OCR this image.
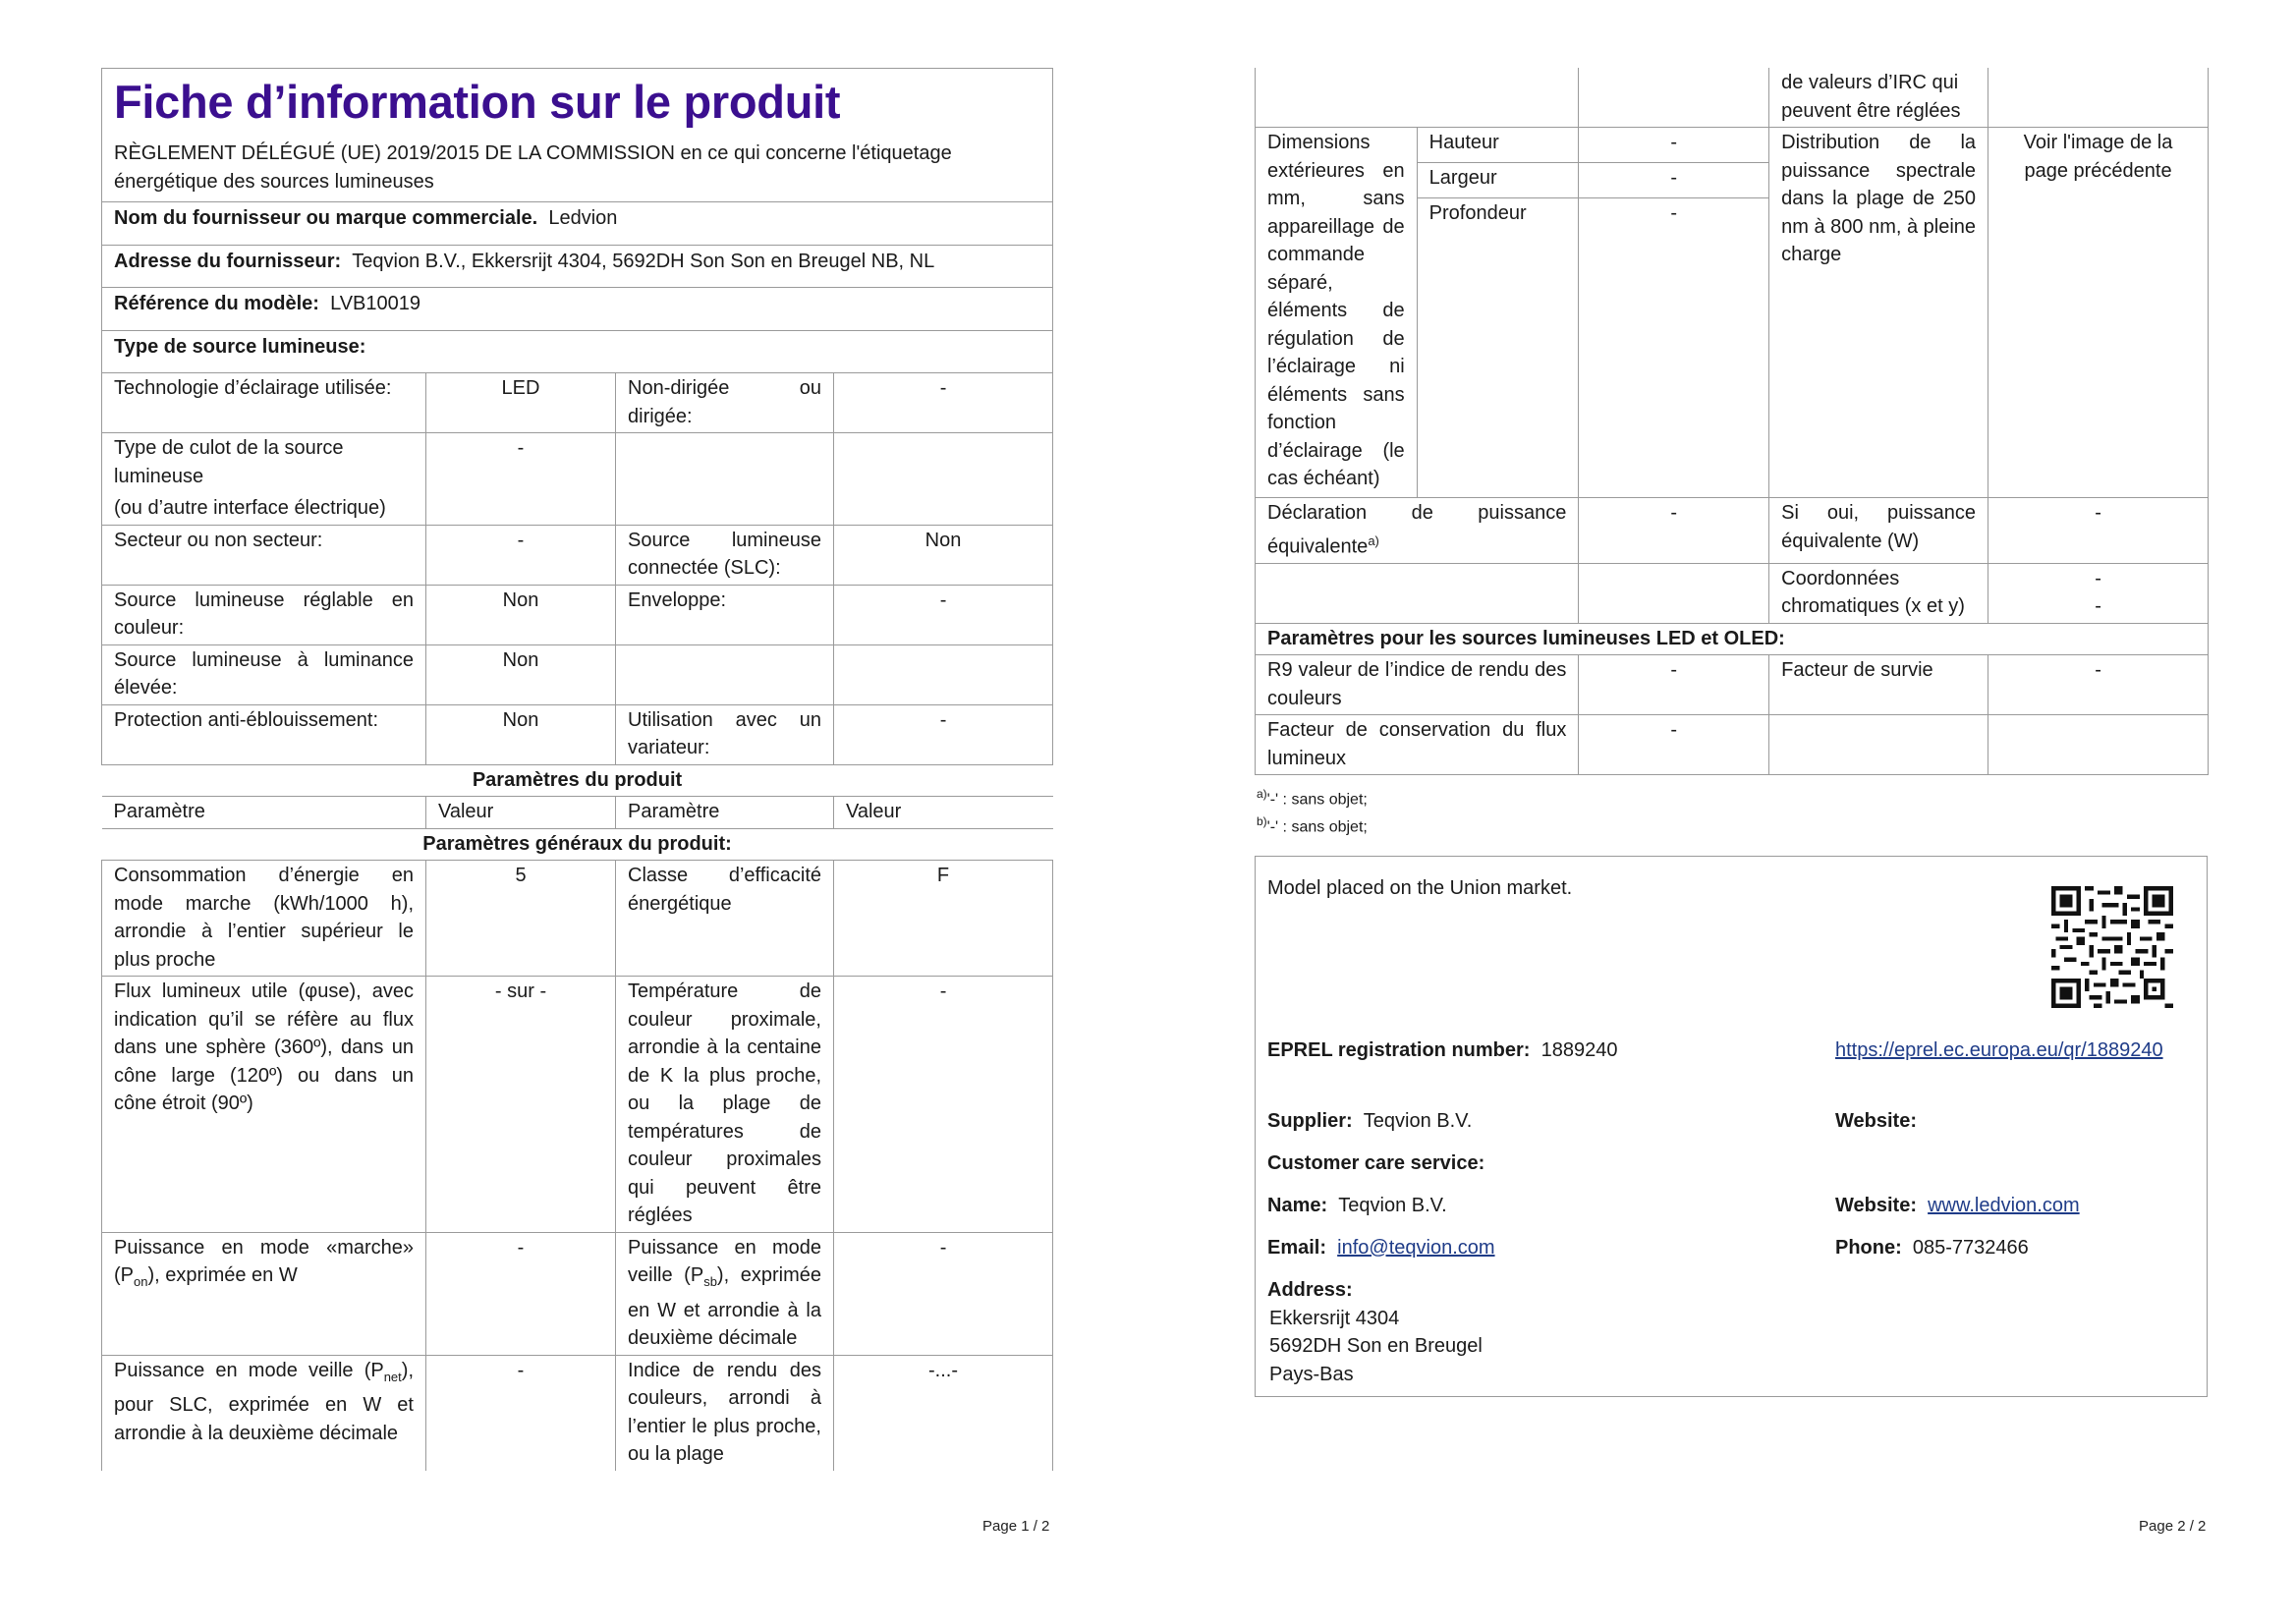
Fiche d’information sur le produit
RÈGLEMENT DÉLÉGUÉ (UE) 2019/2015 DE LA COMMISSION en ce qui concerne l'étiquetage énergétique des sources lumineuses			

Nom du fournisseur ou marque commerciale. Ledvion			
Adresse du fournisseur: Teqvion B.V., Ekkersrijt 4304, 5692DH Son Son en Breugel NB, NL			
Référence du modèle: LVB10019			
Type de source lumineuse:			
Technologie d’éclairage utilisée:	LED	Non-dirigée ou dirigée:	-

Type de culot de la source lumineuse
(ou d’autre interface électrique)	-		
Secteur ou non secteur:	-	Source lumineuse connectée (SLC):	Non
Source lumineuse réglable en couleur:	Non	Enveloppe:	-
Source lumineuse à luminance élevée:	Non		
Protection anti-éblouissement:	Non	Utilisation avec un variateur:	-
Paramètres du produit			
Paramètre	Valeur	Paramètre	Valeur
Paramètres généraux du produit:			
Consommation d’énergie en mode marche (kWh/1000 h), arrondie à l’entier supérieur le plus proche	5	Classe d’efficacité énergétique	F
Flux lumineux utile (φuse), avec indication qu’il se réfère au flux dans une sphère (360º), dans un cône large (120º) ou dans un cône étroit (90º)	- sur -	Température de couleur proximale, arrondie à la centaine de K la plus proche, ou la plage de températures de couleur proximales qui peuvent être réglées	-
Puissance en mode «marche» $(P_{on})$, exprimée en W	-	Puissance en mode veille $(P_{sb})$, exprimée en W et arrondie à la deuxième décimale	-
Puissance en mode veille $(P_{net})$, pour SLC, exprimée en W et arrondie à la deuxième décimale	-	Indice de rendu des couleurs, arrondi à l’entier le plus proche, ou la plage	-...-
Page 1 / 2
			de valeurs d’IRC qui peuvent être réglées	
Dimensions extérieures en mm, sans appareillage de commande séparé, éléments de régulation de l’éclairage ni éléments sans fonction d’éclairage (le cas échéant)	Hauteur	-	Distribution de la puissance spectrale dans la plage de 250 nm à 800 nm, à pleine charge	Voir l'image de la page précédente
	Largeur	-		
	Profondeur	-		
Déclaration de puissance équivalente$^{a)}$		-	Si oui, puissance équivalente (W)	-
			Coordonnées chromatiques (x et y)	-
-

Paramètres pour les sources lumineuses LED et OLED:				
R9 valeur de l’indice de rendu des couleurs		-	Facteur de survie	-
Facteur de conservation du flux lumineux		-		
$^{a)}$'-' : sans objet;
$^{b)}$'-' : sans objet;
Model placed on the Union market.
EPREL registration number: 1889240	https://eprel.ec.europa.eu/qr/1889240
Supplier: Teqvion B.V.	Website:
Customer care service:
Name: Teqvion B.V.	Website: www.ledvion.com
Email: info@teqvion.com	Phone: 085-7732466
Address:
Ekkersrijt 4304
5692DH Son en Breugel
Pays-Bas
Page 2 / 2
